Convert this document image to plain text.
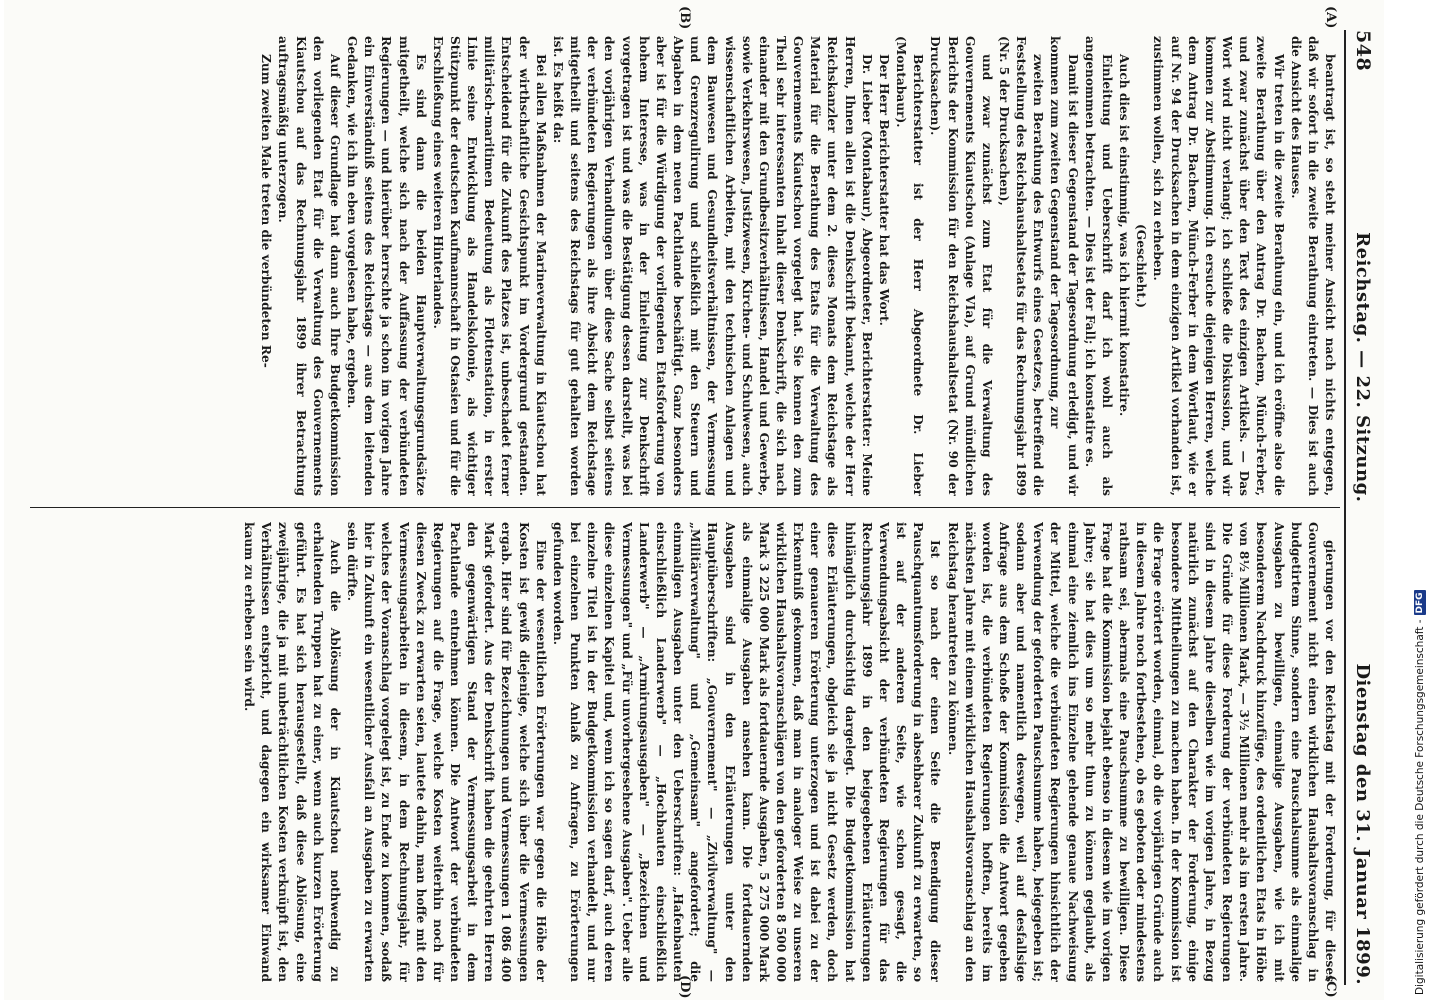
548
Reichstag. — 22. Sitzung.
Dienstag den 31. Januar 1899.
(A)
(B)
(C)
(D)

beantragt ist, so steht meiner Ansicht nach nichts entgegen, daß wir sofort in die zweite Berathung eintreten. — Dies ist auch die Ansicht des Hauses.

Wir treten in die zweite Berathung ein, und ich eröffne also die zweite Berathung über den Antrag Dr. Bachem, Münch-Ferber, und zwar zunächst über den Text des einzigen Artikels. — Das Wort wird nicht verlangt; ich schließe die Diskussion, und wir kommen zur Abstimmung. Ich ersuche diejenigen Herren, welche dem Antrag Dr. Bachem, Münch-Ferber in dem Wortlaut, wie er auf Nr. 94 der Drucksachen in dem einzigen Artikel vorhanden ist, zustimmen wollen, sich zu erheben.

(Geschieht.)

Auch dies ist einstimmig, was ich hiermit konstatire.

Einleitung und Ueberschrift darf ich wohl auch als angenommen betrachten. — Dies ist der Fall; ich konstatire es.

Damit ist dieser Gegenstand der Tagesordnung erledigt, und wir kommen zum zweiten Gegenstand der Tagesordnung, zur

zweiten Berathung des Entwurfs eines Gesetzes, betreffend die Feststellung des Reichshaushaltsetats für das Rechnungsjahr 1899 (Nr. 5 der Drucksachen),

und zwar zunächst zum Etat für die Verwaltung des Gouvernements Kiautschou (Anlage VIa), auf Grund mündlichen Berichts der Kommission für den Reichshaushaltsetat (Nr. 90 der Drucksachen).

Berichterstatter ist der Herr Abgeordnete Dr. Lieber (Montabaur).

Der Herr Berichterstatter hat das Wort.

Dr. Lieber (Montabaur), Abgeordneter, Berichterstatter: Meine Herren, Ihnen allen ist die Denkschrift bekannt, welche der Herr Reichskanzler unter dem 2. dieses Monats dem Reichstage als Material für die Berathung des Etats für die Verwaltung des Gouvernements Kiautschou vorgelegt hat. Sie kennen den zum Theil sehr interessanten Inhalt dieser Denkschrift, die sich nach einander mit den Grundbesitzverhältnissen, Handel und Gewerbe, sowie Verkehrswesen, Justizwesen, Kirchen- und Schulwesen, auch wissenschaftlichen Arbeiten, mit den technischen Anlagen und dem Bauwesen und Gesundheitsverhältnissen, der Vermessung und Grenzregulirung und schließlich mit den Steuern und Abgaben in dem neuen Pachtlande beschäftigt. Ganz besonders aber ist für die Würdigung der vorliegenden Etatsforderung von hohem Interesse, was in der Einleitung zur Denkschrift vorgetragen ist und was die Bestätigung dessen darstellt, was bei den vorjährigen Verhandlungen über diese Sache selbst seitens der verbündeten Regierungen als ihre Absicht dem Reichstage mitgetheilt und seitens des Reichstags für gut gehalten worden ist. Es heißt da:

Bei allen Maßnahmen der Marineverwaltung in Kiautschou hat der wirthschaftliche Gesichtspunkt im Vordergrund gestanden. Entscheidend für die Zukunft des Platzes ist, unbeschadet ferner militärisch-maritimen Bedeutung als Flottenstation, in erster Linie seine Entwicklung als Handelskolonie, als wichtiger Stützpunkt der deutschen Kaufmannschaft in Ostasien und für die Erschließung eines weiteren Hinterlandes.

Es sind dann die beiden Hauptverwaltungsgrundsätze mitgetheilt, welche sich nach der Auffassung der verbündeten Regierungen — und hierüber herrschte ja schon im vorigen Jahre ein Einverständniß seitens des Reichstags — aus dem leitenden Gedanken, wie ich ihn eben vorgelesen habe, ergeben.

Auf dieser Grundlage hat dann auch Ihre Budgetkommission den vorliegenden Etat für die Verwaltung des Gouvernements Kiautschou auf das Rechnungsjahr 1899 ihrer Betrachtung auftragsmäßig unterzogen.

Zum zweiten Male treten die verbündeten Re-

gierungen vor den Reichstag mit der Forderung, für dieses Gouvernement nicht einen wirklichen Haushaltsvoranschlag in budgetirtem Sinne, sondern eine Pauschalsumme als einmalige Ausgaben zu bewilligen, einmalige Ausgaben, wie ich mit besonderem Nachdruck hinzufüge, des ordentlichen Etats in Höhe von 8½ Millionen Mark, — 3½ Millionen mehr als im ersten Jahre. Die Gründe für diese Forderung der verbündeten Regierungen sind in diesem Jahre dieselben wie im vorigen Jahre, in Bezug natürlich zunächst auf den Charakter der Forderung, einige besondere Mittheilungen zu machen haben. In der Kommission ist die Frage erörtert worden, einmal, ob die vorjährigen Gründe auch in diesem Jahre noch fortbestehen, ob es geboten oder mindestens rathsam sei, abermals eine Pauschsumme zu bewilligen. Diese Frage hat die Kommission bejaht ebenso in diesem wie im vorigen Jahre; sie hat dies um so mehr thun zu können geglaubt, als einmal eine ziemlich ins Einzelne gehende genaue Nachweisung der Mittel, welche die verbündeten Regierungen hinsichtlich der Verwendung der geforderten Pauschsumme haben, beigegeben ist; sodann aber und namentlich deswegen, weil auf desfallsige Anfrage aus dem Schoße der Kommission die Antwort gegeben worden ist, die verbündeten Regierungen hofften, bereits im nächsten Jahre mit einem wirklichen Haushaltsvoranschlag an den Reichstag herantreten zu können.

Ist so nach der einen Seite die Beendigung dieser Pauschquantumsforderung in absehbarer Zukunft zu erwarten, so ist auf der anderen Seite, wie schon gesagt, die Verwendungsabsicht der verbündeten Regierungen für das Rechnungsjahr 1899 in den beigegebenen Erläuterungen hinlänglich durchsichtig dargelegt. Die Budgetkommission hat diese Erläuterungen, obgleich sie ja nicht Gesetz werden, doch einer genaueren Erörterung unterzogen und ist dabei zu der Erkenntniß gekommen, daß man in analoger Weise zu unseren wirklichen Haushaltsvoranschlägen von den geforderten 8 500 000 Mark 3 225 000 Mark als fortdauernde Ausgaben, 5 275 000 Mark als einmalige Ausgaben ansehen kann. Die fortdauernden Ausgaben sind in den Erläuterungen unter den Hauptüberschriften: „Gouvernement" — „Zivilverwaltung" — „Militärverwaltung" und „Gemeinsam" angefordert; die einmaligen Ausgaben unter den Ueberschriften: „Hafenbauten einschließlich Landerwerb" — „Hochbauten einschließlich Landerwerb" — „Armirungsausgaben" — „Bezeichnen und Vermessungen" und „Für unvorhergesehene Ausgaben". Ueber alle diese einzelnen Kapitel und, wenn ich so sagen darf, auch deren einzelne Titel ist in der Budgetkommission verhandelt, und nur bei einzelnen Punkten Anlaß zu Anfragen, zu Erörterungen gefunden worden.

Eine der wesentlichen Erörterungen war gegen die Höhe der Kosten ist gewiß diejenige, welche sich über die Vermessungen ergab. Hier sind für Bezeichnungen und Vermessungen 1 086 400 Mark gefordert. Aus der Denkschrift haben die geehrten Herren den gegenwärtigen Stand der Vermessungsarbeit in dem Pachtlande entnehmen können. Die Antwort der verbündeten Regierungen auf die Frage, welche Kosten weiterhin noch für diesen Zweck zu erwarten seien, lautete dahin, man hoffe mit den Vermessungsarbeiten in diesem, in dem Rechnungsjahr, für welches der Voranschlag vorgelegt ist, zu Ende zu kommen, sodaß hier in Zukunft ein wesentlicher Ausfall an Ausgaben zu erwarten sein dürfte.

Auch die Ablösung der in Kiautschou nothwendig zu erhaltenden Truppen hat zu einer, wenn auch kurzen Erörterung geführt. Es hat sich herausgestellt, daß diese Ablösung, eine zweijährige, die ja mit unbeträchtlichen Kosten verknüpft ist, den Verhältnissen entspricht, und dagegen ein wirksamer Einwand kaum zu erheben sein wird.

Digitalisierung gefördert durch die Deutsche Forschungsgemeinschaft -
DFG
